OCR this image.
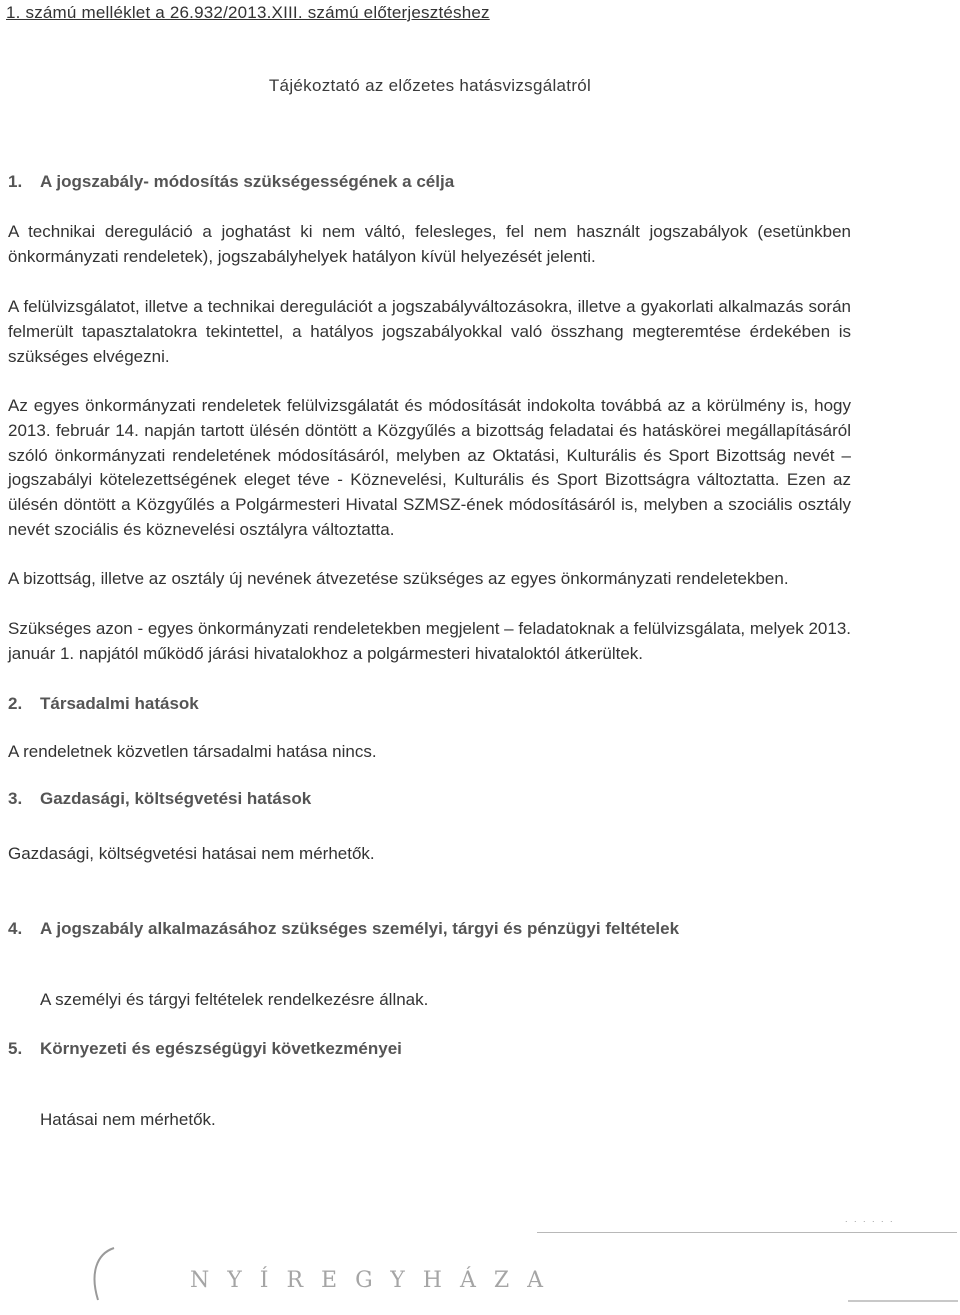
1. számú melléklet a 26.932/2013.XIII. számú előterjesztéshez
Tájékoztató az előzetes hatásvizsgálatról
1. A jogszabály- módosítás szükségességének a célja
A technikai dereguláció a joghatást ki nem váltó, felesleges, fel nem használt jogszabályok (esetünkben önkormányzati rendeletek), jogszabályhelyek hatályon kívül helyezését jelenti.
A felülvizsgálatot, illetve a technikai deregulációt a jogszabályváltozásokra, illetve a gyakorlati alkalmazás során felmerült tapasztalatokra tekintettel, a hatályos jogszabályokkal való összhang megteremtése érdekében is szükséges elvégezni.
Az egyes önkormányzati rendeletek felülvizsgálatát és módosítását indokolta továbbá az a körülmény is, hogy 2013. február 14. napján tartott ülésén döntött a Közgyűlés a bizottság feladatai és hatáskörei megállapításáról szóló önkormányzati rendeletének módosításáról, melyben az Oktatási, Kulturális és Sport Bizottság nevét – jogszabályi kötelezettségének eleget téve - Köznevelési, Kulturális és Sport Bizottságra változtatta. Ezen az ülésén döntött a Közgyűlés a Polgármesteri Hivatal SZMSZ-ének módosításáról is, melyben a szociális osztály nevét szociális és köznevelési osztályra változtatta.
A bizottság, illetve az osztály új nevének átvezetése szükséges az egyes önkormányzati rendeletekben.
Szükséges azon - egyes önkormányzati rendeletekben megjelent – feladatoknak a felülvizsgálata, melyek 2013. január 1. napjától működő járási hivatalokhoz a polgármesteri hivataloktól átkerültek.
2. Társadalmi hatások
A rendeletnek közvetlen társadalmi hatása nincs.
3. Gazdasági, költségvetési hatások
Gazdasági, költségvetési hatásai nem mérhetők.
4. A jogszabály alkalmazásához szükséges személyi, tárgyi és pénzügyi feltételek
A személyi és tárgyi feltételek rendelkezésre állnak.
5. Környezeti és egészségügyi következményei
Hatásai nem mérhetők.
. . . . . .
NYÍREGYHÁZA
